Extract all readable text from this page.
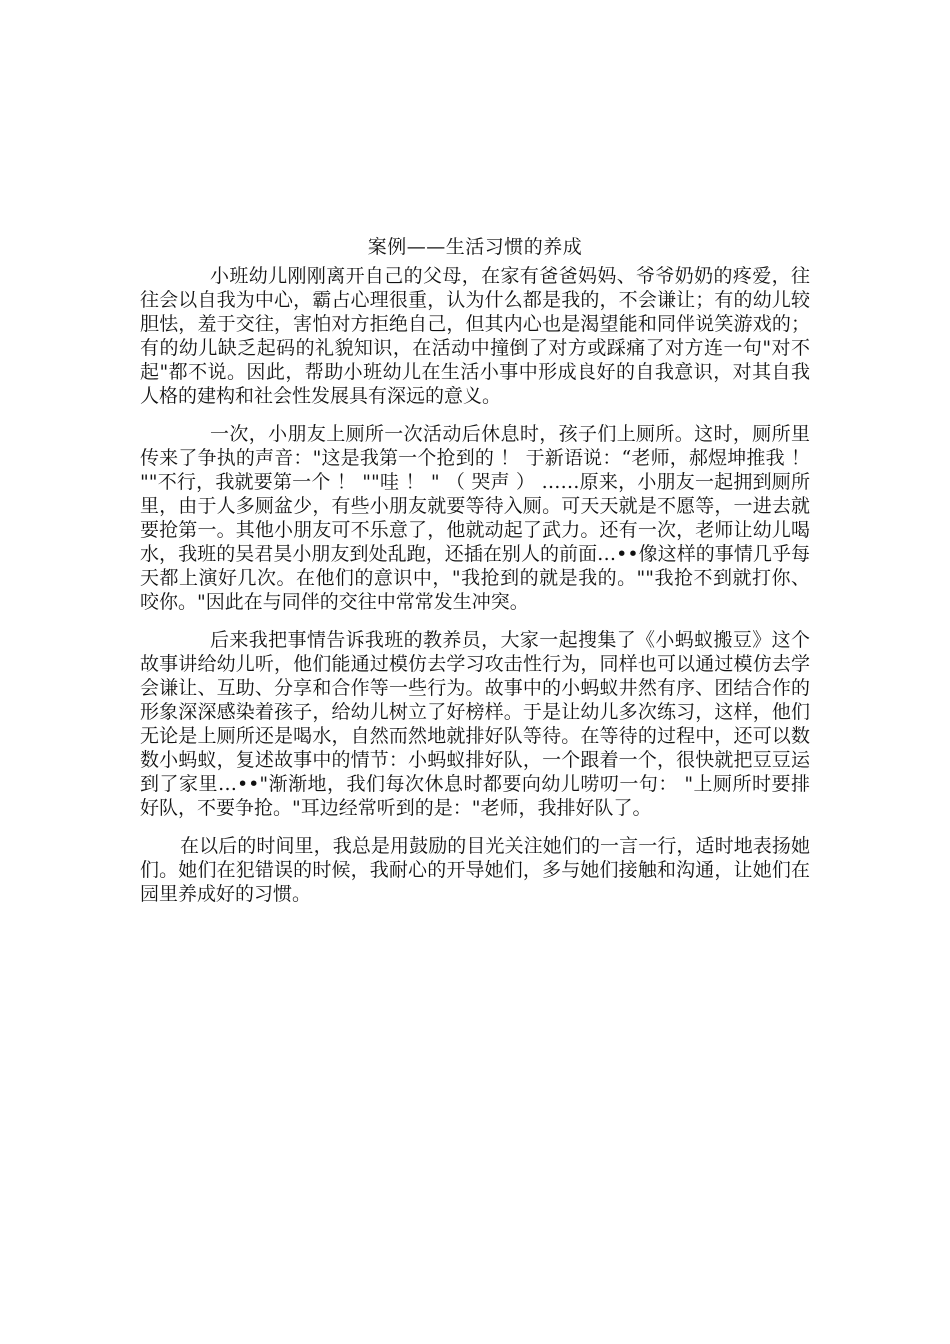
案例——生活习惯的养成

小班幼儿刚刚离开自己的父母，在家有爸爸妈妈、爷爷奶奶的疼爱，往往会以自我为中心，霸占心理很重，认为什么都是我的，不会谦让；有的幼儿较胆怯，羞于交往，害怕对方拒绝自己，但其内心也是渴望能和同伴说笑游戏的；有的幼儿缺乏起码的礼貌知识，在活动中撞倒了对方或踩痛了对方连一句"对不起"都不说。因此，帮助小班幼儿在生活小事中形成良好的自我意识，对其自我人格的建构和社会性发展具有深远的意义。

一次，小朋友上厕所一次活动后休息时，孩子们上厕所。这时，厕所里传来了争执的声音："这是我第一个抢到的 ！ 于新语说：“老师，郝煜坤推我 ！ ""不行，我就要第一个 ！ ""哇 ！ " （ 哭声 ） ……原来，小朋友一起拥到厕所里，由于人多厕盆少，有些小朋友就要等待入厕。可天天就是不愿等，一进去就要抢第一。其他小朋友可不乐意了，他就动起了武力。还有一次，老师让幼儿喝水，我班的吴君昊小朋友到处乱跑，还插在别人的前面…••像这样的事情几乎每天都上演好几次。在他们的意识中，"我抢到的就是我的。""我抢不到就打你、咬你。"因此在与同伴的交往中常常发生冲突。

后来我把事情告诉我班的教养员，大家一起搜集了《小蚂蚁搬豆》这个故事讲给幼儿听，他们能通过模仿去学习攻击性行为，同样也可以通过模仿去学会谦让、互助、分享和合作等一些行为。故事中的小蚂蚁井然有序、团结合作的形象深深感染着孩子，给幼儿树立了好榜样。于是让幼儿多次练习，这样，他们无论是上厕所还是喝水，自然而然地就排好队等待。在等待的过程中，还可以数数小蚂蚁，复述故事中的情节：小蚂蚁排好队，一个跟着一个，很快就把豆豆运到了家里…••"渐渐地，我们每次休息时都要向幼儿唠叨一句： "上厕所时要排好队，不要争抢。"耳边经常听到的是："老师，我排好队了。

在以后的时间里，我总是用鼓励的目光关注她们的一言一行，适时地表扬她们。她们在犯错误的时候，我耐心的开导她们，多与她们接触和沟通，让她们在园里养成好的习惯。
